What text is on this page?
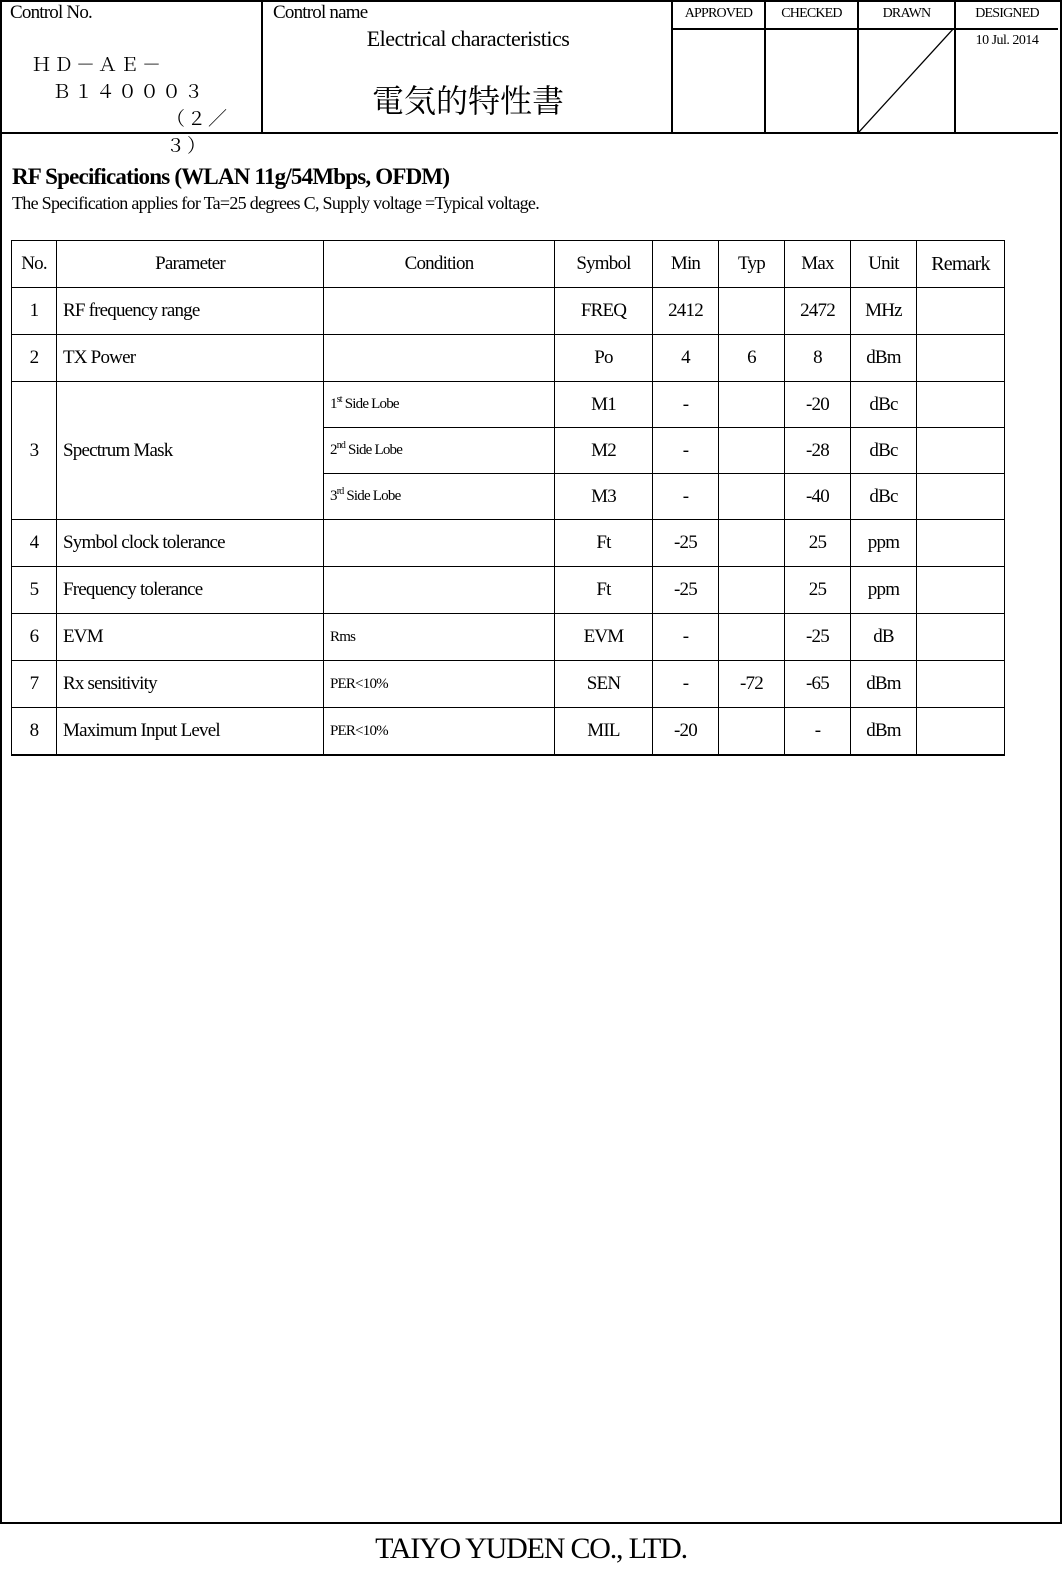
Control No.
ＨＤ－ＡＥ－
Ｂ１４０００３
（２／３）
Control name
Electrical characteristics
電気的特性書
APPROVED	CHECKED	DRAWN	DESIGNED
10 Jul. 2014
RF Specifications (WLAN 11g/54Mbps, OFDM)
The Specification applies for Ta=25 degrees C, Supply voltage =Typical voltage.
No.	Parameter	Condition	Symbol	Min	Typ	Max	Unit	Remark
1	RF frequency range		FREQ	2412		2472	MHz	
2	TX Power		Po	4	6	8	dBm	
3	Spectrum Mask	1st Side Lobe	M1	-		-20	dBc	
		2nd Side Lobe	M2	-		-28	dBc	
		3rd Side Lobe	M3	-		-40	dBc	
4	Symbol clock tolerance		Ft	-25		25	ppm	
5	Frequency tolerance		Ft	-25		25	ppm	
6	EVM	Rms	EVM	-		-25	dB	
7	Rx sensitivity	PER<10%	SEN	-	-72	-65	dBm	
8	Maximum Input Level	PER<10%	MIL	-20		-	dBm	
TAIYO YUDEN CO., LTD.
